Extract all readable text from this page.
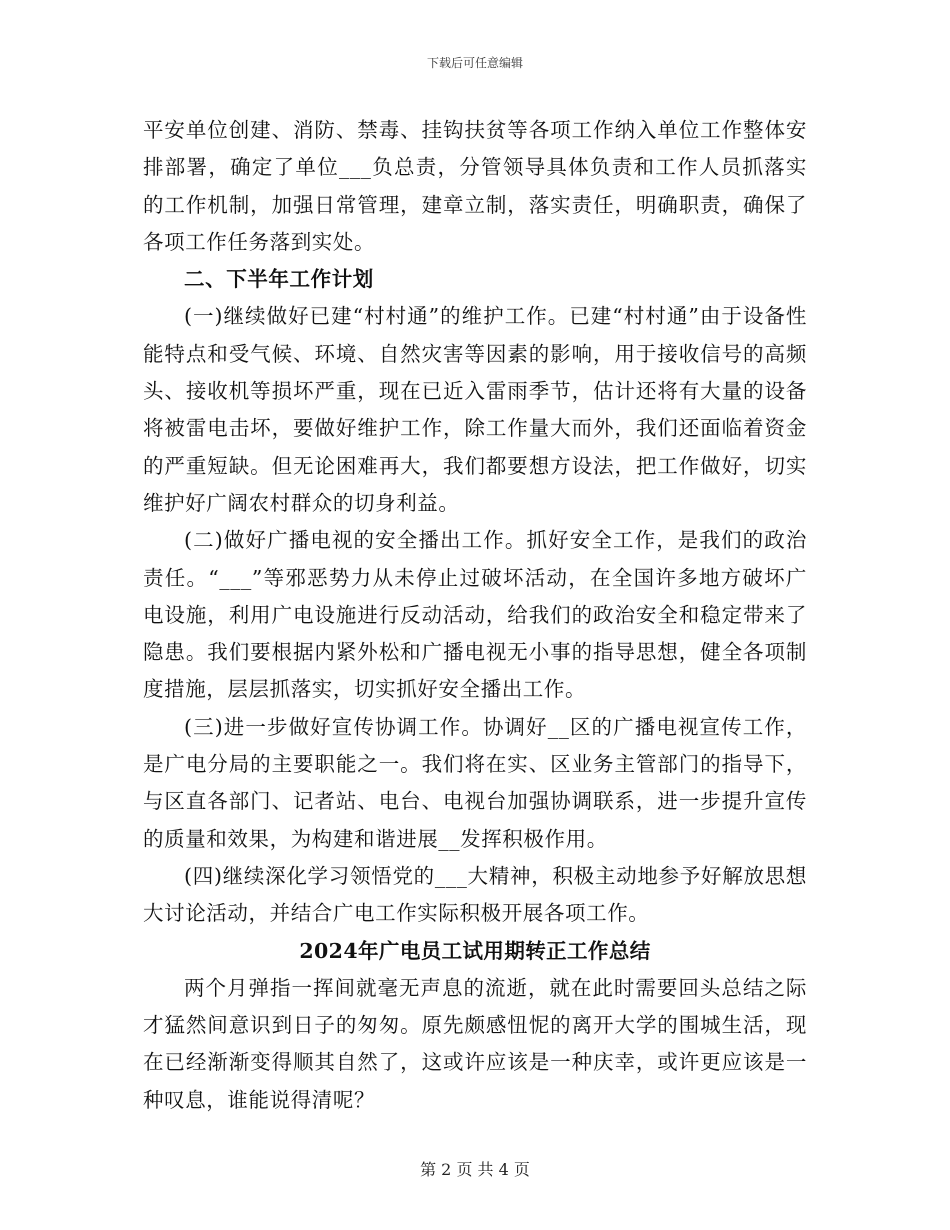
下载后可任意编辑

平安单位创建、消防、禁毒、挂钩扶贫等各项工作纳入单位工作整体安排部署，确定了单位___负总责，分管领导具体负责和工作人员抓落实的工作机制，加强日常管理，建章立制，落实责任，明确职责，确保了各项工作任务落到实处。

二、下半年工作计划

(一)继续做好已建“村村通”的维护工作。已建“村村通”由于设备性能特点和受气候、环境、自然灾害等因素的影响，用于接收信号的高频头、接收机等损坏严重，现在已近入雷雨季节，估计还将有大量的设备将被雷电击坏，要做好维护工作，除工作量大而外，我们还面临着资金的严重短缺。但无论困难再大，我们都要想方设法，把工作做好，切实维护好广阔农村群众的切身利益。

(二)做好广播电视的安全播出工作。抓好安全工作，是我们的政治责任。“___”等邪恶势力从未停止过破坏活动，在全国许多地方破坏广电设施，利用广电设施进行反动活动，给我们的政治安全和稳定带来了隐患。我们要根据内紧外松和广播电视无小事的指导思想，健全各项制度措施，层层抓落实，切实抓好安全播出工作。

(三)进一步做好宣传协调工作。协调好__区的广播电视宣传工作，是广电分局的主要职能之一。我们将在实、区业务主管部门的指导下，与区直各部门、记者站、电台、电视台加强协调联系，进一步提升宣传的质量和效果，为构建和谐进展__发挥积极作用。

(四)继续深化学习领悟党的___大精神，积极主动地参予好解放思想大讨论活动，并结合广电工作实际积极开展各项工作。

2024年广电员工试用期转正工作总结

两个月弹指一挥间就毫无声息的流逝，就在此时需要回头总结之际才猛然间意识到日子的匆匆。原先颇感忸怩的离开大学的围城生活，现在已经渐渐变得顺其自然了，这或许应该是一种庆幸，或许更应该是一种叹息，谁能说得清呢？

第 2 页 共 4 页
